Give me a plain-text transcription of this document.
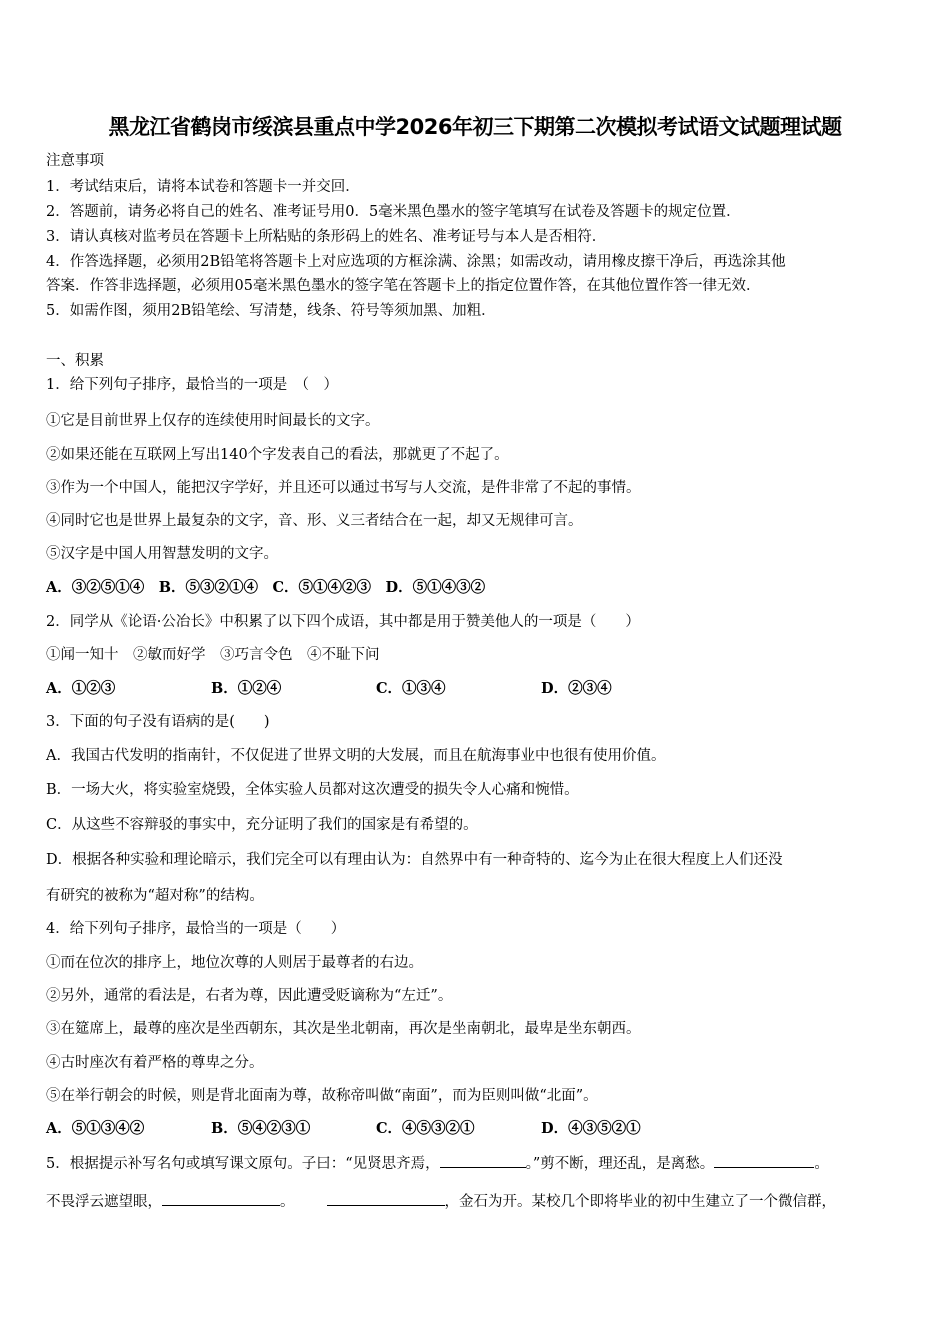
黑龙江省鹤岗市绥滨县重点中学2026年初三下期第二次模拟考试语文试题理试题
注意事项
1．考试结束后，请将本试卷和答题卡一并交回．
2．答题前，请务必将自己的姓名、准考证号用0．5毫米黑色墨水的签字笔填写在试卷及答题卡的规定位置．
3．请认真核对监考员在答题卡上所粘贴的条形码上的姓名、准考证号与本人是否相符．
4．作答选择题，必须用2B铅笔将答题卡上对应选项的方框涂满、涂黑；如需改动，请用橡皮擦干净后，再选涂其他
答案．作答非选择题，必须用05毫米黑色墨水的签字笔在答题卡上的指定位置作答，在其他位置作答一律无效．
5．如需作图，须用2B铅笔绘、写清楚，线条、符号等须加黑、加粗．
一、积累
1．给下列句子排序，最恰当的一项是　（　）
①它是目前世界上仅存的连续使用时间最长的文字。
②如果还能在互联网上写出140个字发表自己的看法，那就更了不起了。
③作为一个中国人，能把汉字学好，并且还可以通过书写与人交流，是件非常了不起的事情。
④同时它也是世界上最复杂的文字，音、形、义三者结合在一起，却又无规律可言。
⑤汉字是中国人用智慧发明的文字。
A．③②⑤①④　B．⑤③②①④　C．⑤①④②③　D．⑤①④③②
2．同学从《论语·公冶长》中积累了以下四个成语，其中都是用于赞美他人的一项是（　　）
①闻一知十　②敏而好学　③巧言令色　④不耻下问
A．①②③	B．①②④	C．①③④	D．②③④
3．下面的句子没有语病的是(　　)
A．我国古代发明的指南针，不仅促进了世界文明的大发展，而且在航海事业中也很有使用价值。
B．一场大火，将实验室烧毁，全体实验人员都对这次遭受的损失令人心痛和惋惜。
C．从这些不容辩驳的事实中，充分证明了我们的国家是有希望的。
D．根据各种实验和理论暗示，我们完全可以有理由认为：自然界中有一种奇特的、迄今为止在很大程度上人们还没
有研究的被称为“超对称”的结构。
4．给下列句子排序，最恰当的一项是（　　）
①而在位次的排序上，地位次尊的人则居于最尊者的右边。
②另外，通常的看法是，右者为尊，因此遭受贬谪称为“左迁”。
③在筵席上，最尊的座次是坐西朝东，其次是坐北朝南，再次是坐南朝北，最卑是坐东朝西。
④古时座次有着严格的尊卑之分。
⑤在举行朝会的时候，则是背北面南为尊，故称帝叫做“南面”，而为臣则叫做“北面”。
A．⑤①③④②	B．⑤④②③①	C．④⑤③②①	D．④③⑤②①
5．根据提示补写名句或填写课文原句。子曰：“见贤思齐焉，	。”剪不断，理还乱，是离愁。	。
不畏浮云遮望眼，	。	，金石为开。某校几个即将毕业的初中生建立了一个微信群，
